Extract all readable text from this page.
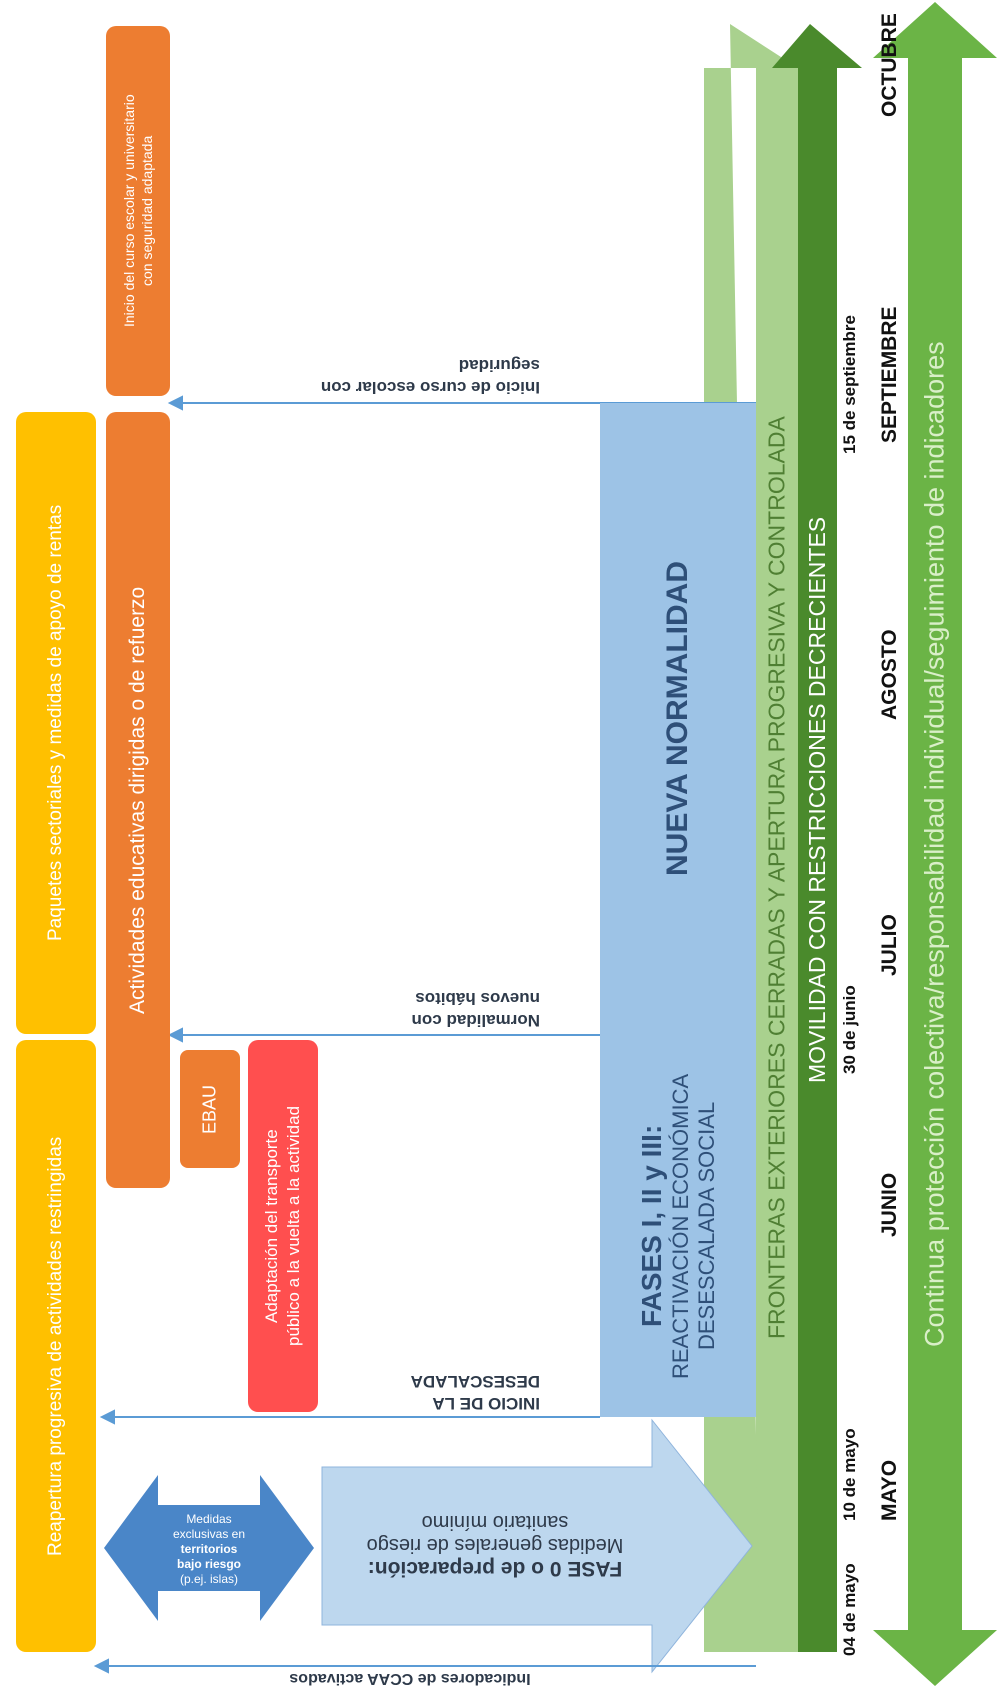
Continua protección colectiva/responsabilidad individual/seguimiento de indicadores
MOVILIDAD CON RESTRICCIONES DECRECIENTES
FRONTERAS EXTERIORES CERRADAS Y APERTURA PROGRESIVA Y CONTROLADA
FASES I, II y III: REACTIVACIÓN ECONÓMICA DESESCALADA SOCIAL
NUEVA NORMALIDAD
FASE 0 o de preparación:
Medidas generales de riesgo
sanitario mínimo
Medidas
exclusivas en
territorios
bajo riesgo
(p.ej. islas)
Indicadores de CCAA activados
INICIO DE LA
DESESCALADA
Normalidad con
nuevos hábitos
Inicio de curso escolar con
seguridad
Reapertura progresiva de actividades restringidas
Paquetes sectoriales y medidas de apoyo de rentas	Actividades educativas dirigidas o de refuerzo
Inicio del curso escolar y universitario con seguridad adaptada
EBAU
Adaptación del transporte público a la vuelta a la actividad
MAYO
JUNIO
JULIO
AGOSTO
SEPTIEMBRE
OCTUBRE
04 de mayo
10 de mayo
30 de junio
15 de septiembre
